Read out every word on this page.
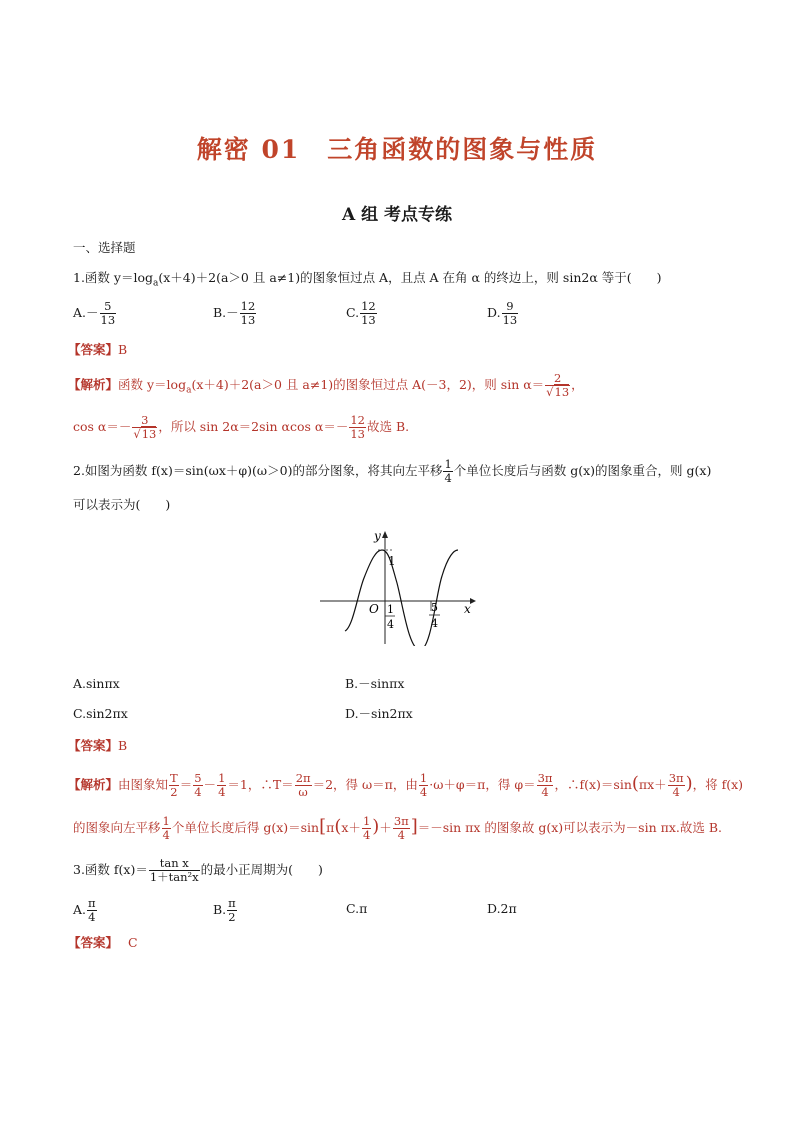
解密 01　三角函数的图象与性质
A 组 考点专练
一、选择题
1.函数 $y=\log_a(x+4)+2(a>0$ 且 a≠1)的图象恒过点 A，且点 A 在角 α 的终边上，则 sin2α 等于(　　)
$A.- \frac{5}{13}$	$B.- \frac{12}{13}$	C. $\frac{12}{13}$	D. $\frac{9}{13}$
【答案】B
【解析】函数 $y=\log_a(x+4)+2(a>0$ 且 a≠1)的图象恒过点 A(－3，2)，则 $\sin \alpha= \frac{2}{√13}$ ，
$\cos \alpha=- \frac{3}{√13}$ ，所以 sin 2α＝2sin αcos $\alpha=- \frac{12}{13}$ 故选 B.
2.如图为函数 f(x)＝sin(ωx＋φ)(ω＞0)的部分图象，将其向左平移 $\frac{1}{4}$ 个单位长度后与函数 g(x)的图象重合，则 g(x)
可以表示为(　　)
y
x
O
1
1
4
5
4
A.sinπx	B.－sinπx
C.sin2πx	D.－sin2πx
【答案】B
【解析】由图象知 $\frac{T}{2} = \frac{5}{4} - \frac{1}{4} =1$，∴T＝ $\frac{2\pi}{\omega} =2$，得 ω＝π，由 $\frac{1}{4} \cdot\omega+\varphi=\pi$，得 $\varphi= \frac{3\pi}{4}$ ，∴f(x)＝sin(πx＋ $\frac{3\pi}{4}$ )，将 f(x)
的图象向左平移 $\frac{1}{4}$ 个单位长度后得 $g(x)=\sin[\pi(x+ \frac{1}{4}$ )＋ $\frac{3\pi}{4} ]=-\sin$ πx 的图象故 g(x)可以表示为－sin πx.故选 B.
3.函数 $f(x)= \frac{\text{tan x}}{\text{1＋tan²x}}$ 的最小正周期为(　　)
A. $\frac{\pi}{4}$	B. $\frac{\pi}{2}$	C.π	D.2π
【答案】 C
